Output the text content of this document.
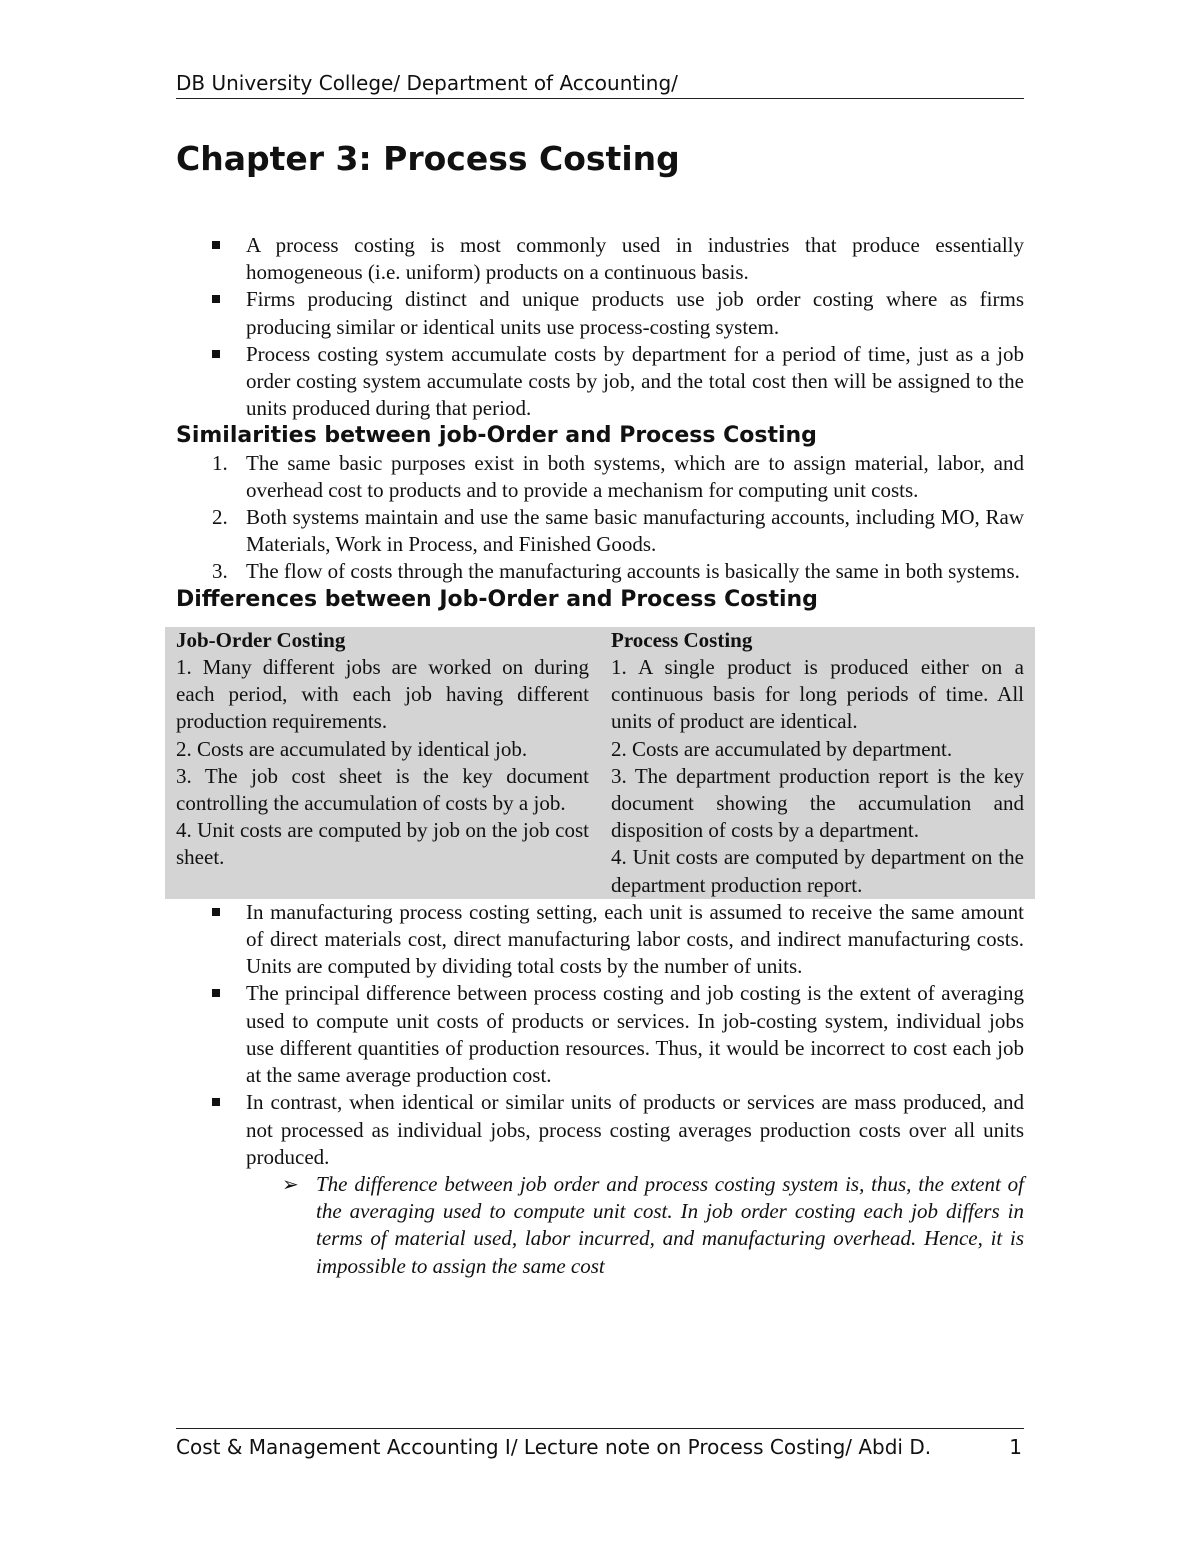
DB University College/ Department of Accounting/
Chapter 3: Process Costing
A process costing is most commonly used in industries that produce essentially homogeneous (i.e. uniform) products on a continuous basis.
Firms producing distinct and unique products use job order costing where as firms producing similar or identical units use process-costing system.
Process costing system accumulate costs by department for a period of time, just as a job order costing system accumulate costs by job, and the total cost then will be assigned to the units produced during that period.
Similarities between job-Order and Process Costing
1. The same basic purposes exist in both systems, which are to assign material, labor, and overhead cost to products and to provide a mechanism for computing unit costs.
2. Both systems maintain and use the same basic manufacturing accounts, including MO, Raw Materials, Work in Process, and Finished Goods.
3. The flow of costs through the manufacturing accounts is basically the same in both systems.
Differences between Job-Order and Process Costing
Job-Order Costing
1. Many different jobs are worked on during each period, with each job having different production requirements.
2. Costs are accumulated by identical job.
3. The job cost sheet is the key document controlling the accumulation of costs by a job.
4. Unit costs are computed by job on the job cost sheet.
Process Costing
1. A single product is produced either on a continuous basis for long periods of time. All units of product are identical.
2. Costs are accumulated by department.
3. The department production report is the key document showing the accumulation and disposition of costs by a department.
4. Unit costs are computed by department on the department production report.
In manufacturing process costing setting, each unit is assumed to receive the same amount of direct materials cost, direct manufacturing labor costs, and indirect manufacturing costs. Units are computed by dividing total costs by the number of units.
The principal difference between process costing and job costing is the extent of averaging used to compute unit costs of products or services. In job-costing system, individual jobs use different quantities of production resources. Thus, it would be incorrect to cost each job at the same average production cost.
In contrast, when identical or similar units of products or services are mass produced, and not processed as individual jobs, process costing averages production costs over all units produced.
➢ The difference between job order and process costing system is, thus, the extent of the averaging used to compute unit cost. In job order costing each job differs in terms of material used, labor incurred, and manufacturing overhead. Hence, it is impossible to assign the same cost
Cost & Management Accounting I/ Lecture note on Process Costing/ Abdi D.	1
